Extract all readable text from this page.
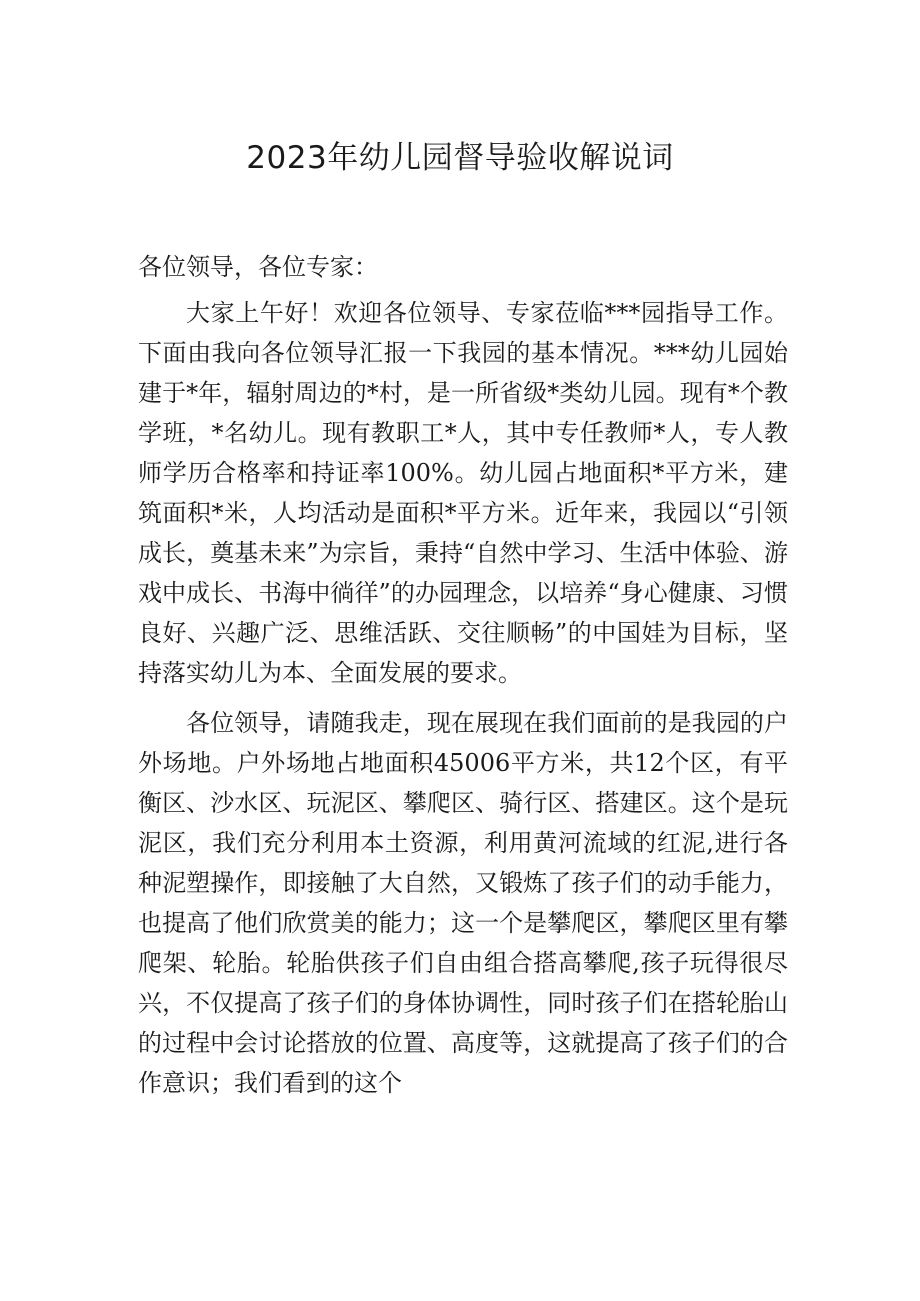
2023年幼儿园督导验收解说词

各位领导，各位专家：

大家上午好！欢迎各位领导、专家莅临***园指导工作。下面由我向各位领导汇报一下我园的基本情况。***幼儿园始建于*年，辐射周边的*村，是一所省级*类幼儿园。现有*个教学班，*名幼儿。现有教职工*人，其中专任教师*人，专人教师学历合格率和持证率100%。幼儿园占地面积*平方米，建筑面积*米，人均活动是面积*平方米。近年来，我园以“引领成长，奠基未来”为宗旨，秉持“自然中学习、生活中体验、游戏中成长、书海中徜徉”的办园理念，以培养“身心健康、习惯良好、兴趣广泛、思维活跃、交往顺畅”的中国娃为目标，坚持落实幼儿为本、全面发展的要求。

各位领导，请随我走，现在展现在我们面前的是我园的户外场地。户外场地占地面积45006平方米，共12个区，有平衡区、沙水区、玩泥区、攀爬区、骑行区、搭建区。这个是玩泥区，我们充分利用本土资源，利用黄河流域的红泥,进行各种泥塑操作，即接触了大自然，又锻炼了孩子们的动手能力，也提高了他们欣赏美的能力；这一个是攀爬区，攀爬区里有攀爬架、轮胎。轮胎供孩子们自由组合搭高攀爬,孩子玩得很尽兴，不仅提高了孩子们的身体协调性，同时孩子们在搭轮胎山的过程中会讨论搭放的位置、高度等，这就提高了孩子们的合作意识；我们看到的这个
